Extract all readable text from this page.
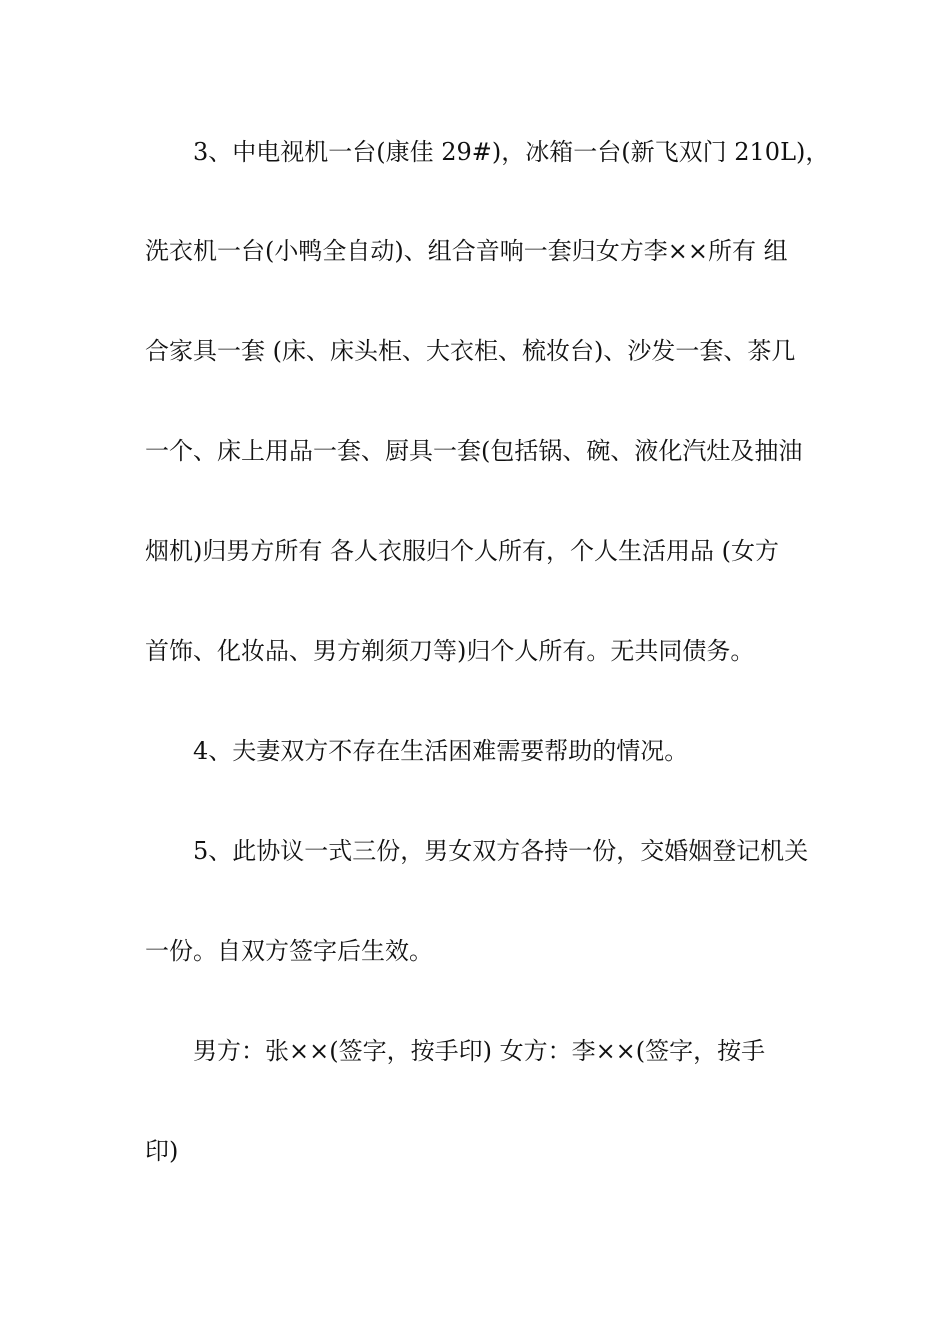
3、中电视机一台(康佳 29#)，冰箱一台(新飞双门 210L)，
洗衣机一台(小鸭全自动)、组合音响一套归女方李××所有 组
合家具一套 (床、床头柜、大衣柜、梳妆台)、沙发一套、茶几
一个、床上用品一套、厨具一套(包括锅、碗、液化汽灶及抽油
烟机)归男方所有 各人衣服归个人所有，个人生活用品 (女方
首饰、化妆品、男方剃须刀等)归个人所有。无共同债务。
4、夫妻双方不存在生活困难需要帮助的情况。
5、此协议一式三份，男女双方各持一份，交婚姻登记机关
一份。自双方签字后生效。
男方：张××(签字，按手印) 女方：李××(签字，按手
印)
